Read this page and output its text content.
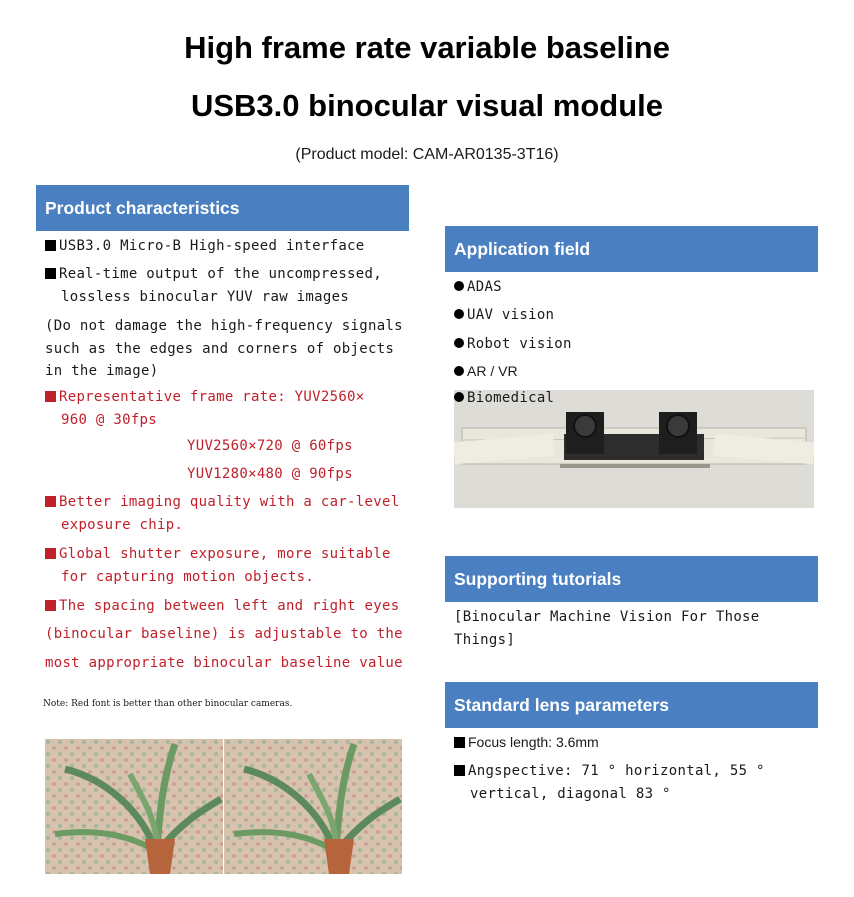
High frame rate variable baseline
USB3.0 binocular visual module
(Product model: CAM-AR0135-3T16)
Product characteristics
USB3.0 Micro-B High-speed interface
Real-time output of the uncompressed,
lossless binocular YUV raw images
(Do not damage the high-frequency signals
such as the edges and corners of objects
in the image)
Representative frame rate: YUV2560×
960 @ 30fps
YUV2560×720 @ 60fps
YUV1280×480 @ 90fps
Better imaging quality with a car-level
exposure chip.
Global shutter exposure, more suitable
for capturing motion objects.
The spacing between left and right eyes
(binocular baseline) is adjustable to the
most appropriate binocular baseline value
Note: Red font is better than other binocular cameras.
Application field
ADAS
UAV vision
Robot vision
AR / VR
Biomedical
Supporting tutorials
[Binocular Machine Vision For Those
Things]
Standard lens parameters
Focus length: 3.6mm
Angspective: 71 ° horizontal, 55 °
vertical, diagonal 83 °
